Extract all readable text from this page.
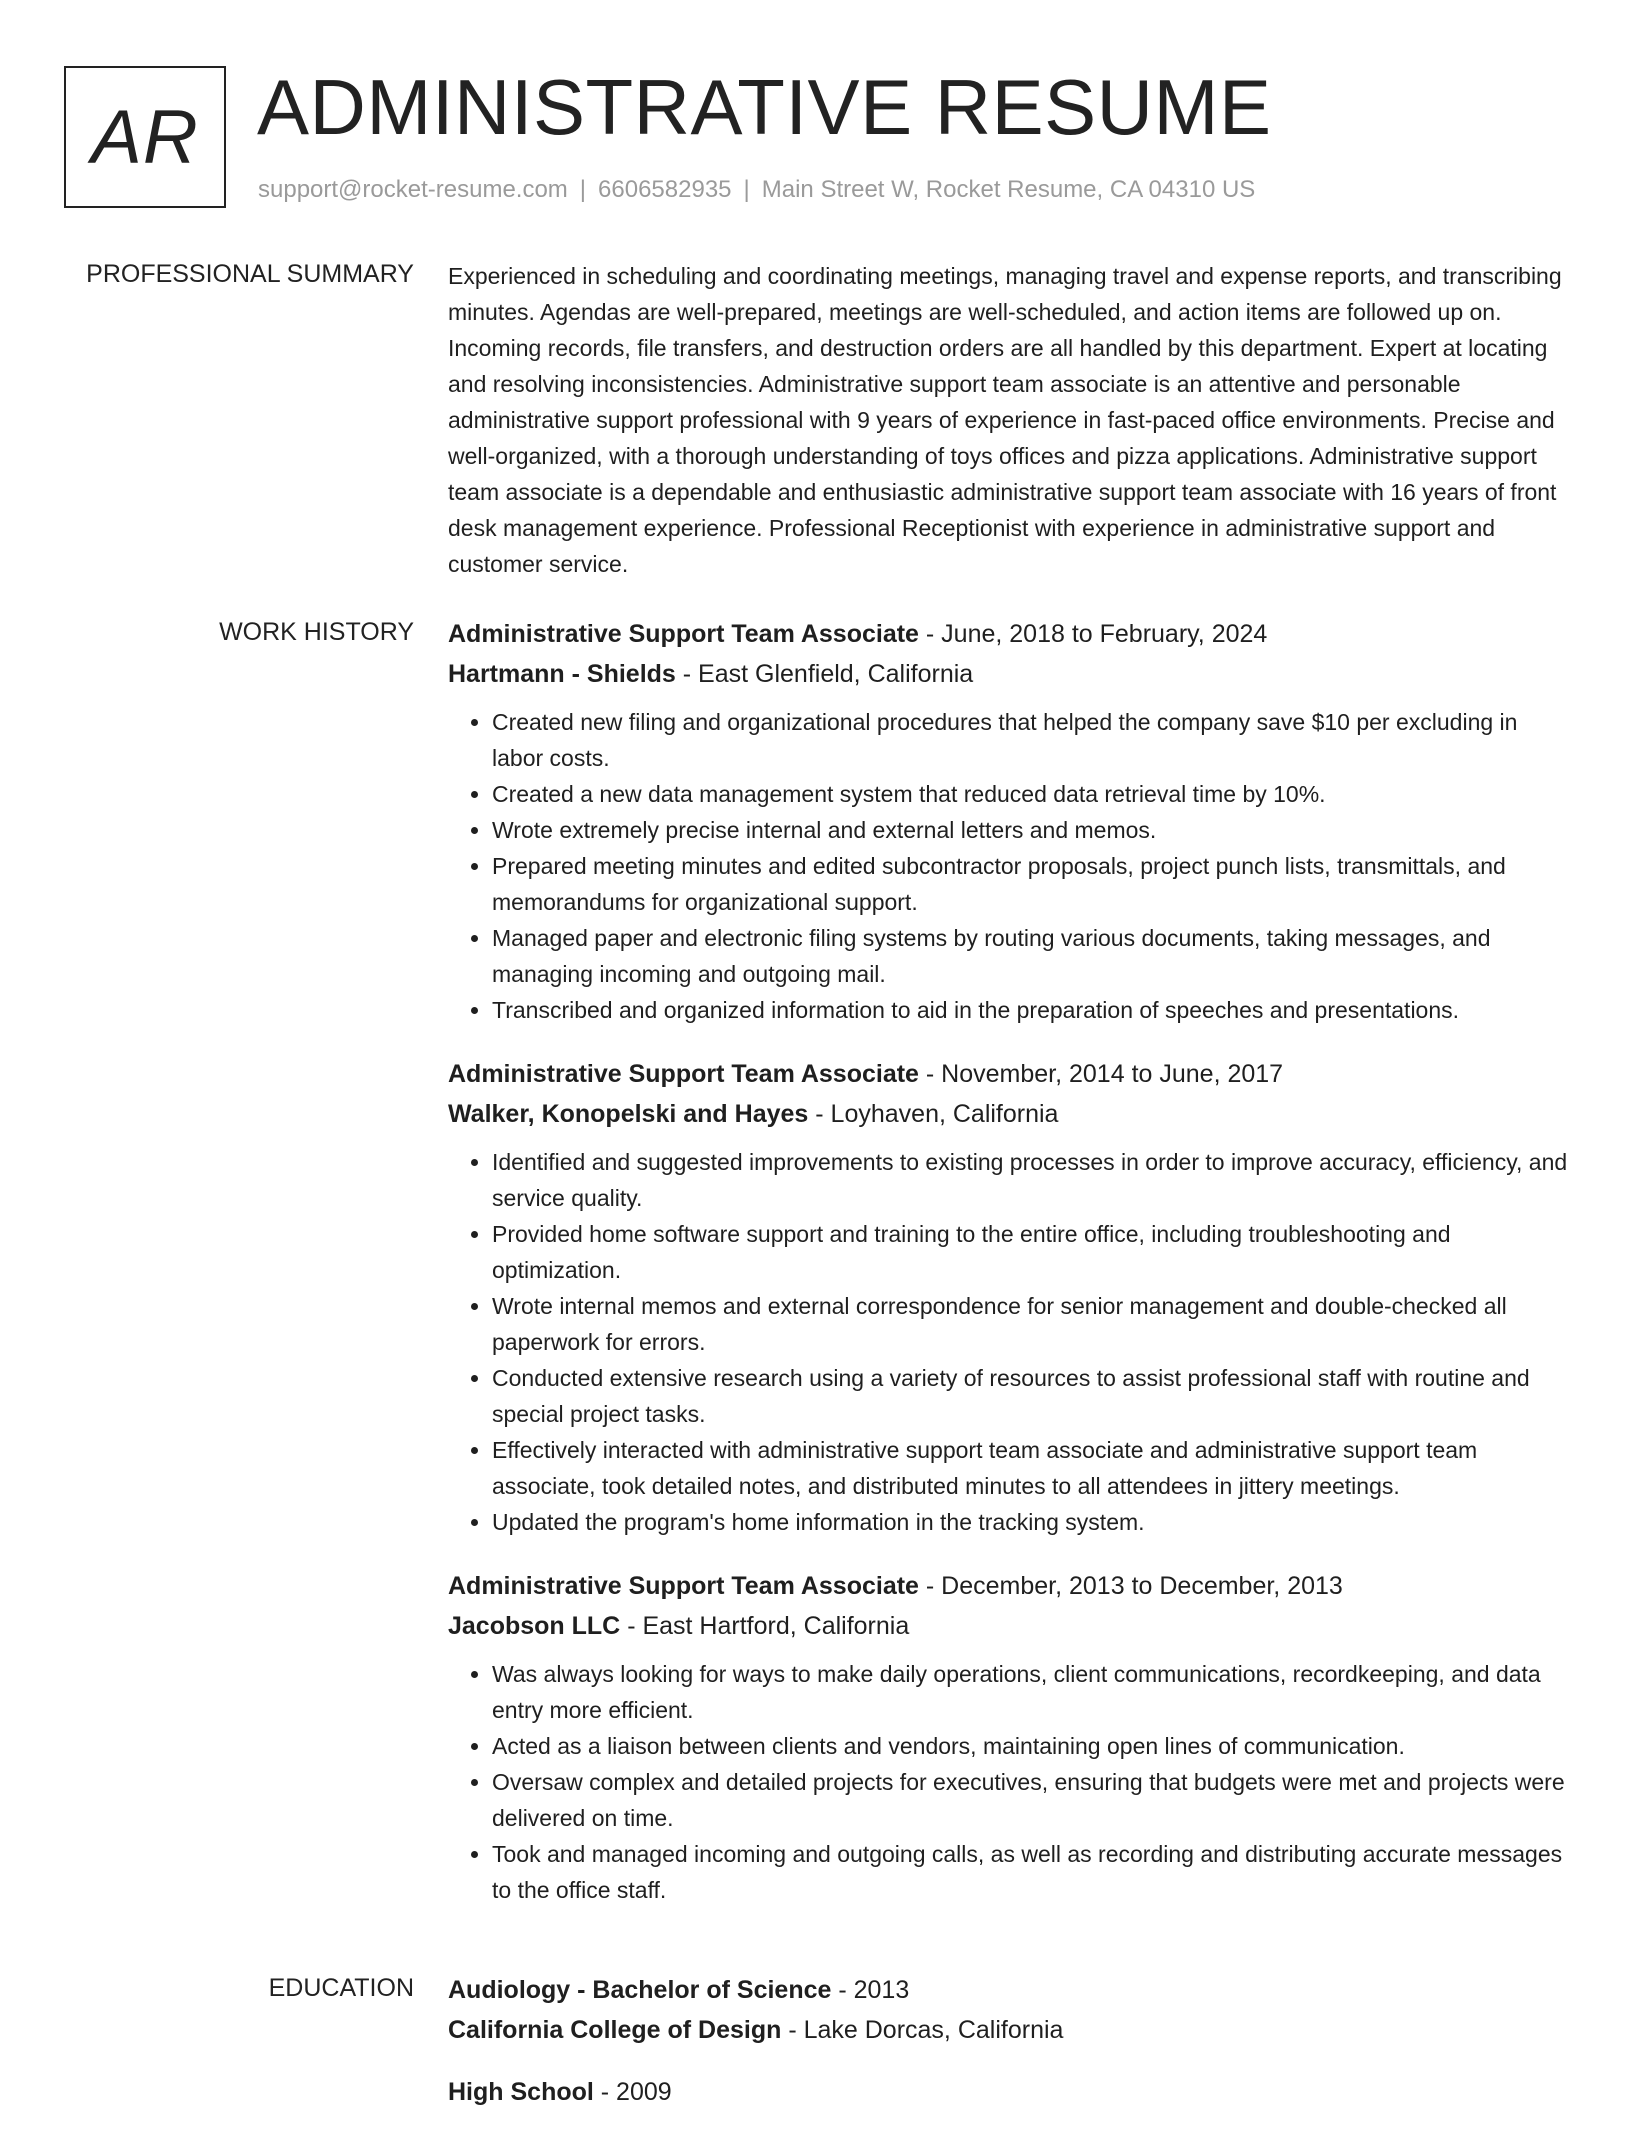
AR ADMINISTRATIVE RESUME
support@rocket-resume.com | 6606582935 | Main Street W, Rocket Resume, CA 04310 US
PROFESSIONAL SUMMARY Experienced in scheduling and coordinating meetings, managing travel and expense reports, and transcribing minutes. Agendas are well-prepared, meetings are well-scheduled, and action items are followed up on. Incoming records, file transfers, and destruction orders are all handled by this department. Expert at locating and resolving inconsistencies. Administrative support team associate is an attentive and personable administrative support professional with 9 years of experience in fast-paced office environments. Precise and well-organized, with a thorough understanding of toys offices and pizza applications. Administrative support team associate is a dependable and enthusiastic administrative support team associate with 16 years of front desk management experience. Professional Receptionist with experience in administrative support and customer service.

WORK HISTORY Administrative Support Team Associate - June, 2018 to February, 2024
Hartmann - Shields - East Glenfield, California
• Created new filing and organizational procedures that helped the company save $10 per excluding in labor costs.
• Created a new data management system that reduced data retrieval time by 10%.
• Wrote extremely precise internal and external letters and memos.
• Prepared meeting minutes and edited subcontractor proposals, project punch lists, transmittals, and memorandums for organizational support.
• Managed paper and electronic filing systems by routing various documents, taking messages, and managing incoming and outgoing mail.
• Transcribed and organized information to aid in the preparation of speeches and presentations.
Administrative Support Team Associate - November, 2014 to June, 2017
Walker, Konopelski and Hayes - Loyhaven, California
• Identified and suggested improvements to existing processes in order to improve accuracy, efficiency, and service quality.
• Provided home software support and training to the entire office, including troubleshooting and optimization.
• Wrote internal memos and external correspondence for senior management and double-checked all paperwork for errors.
• Conducted extensive research using a variety of resources to assist professional staff with routine and special project tasks.
• Effectively interacted with administrative support team associate and administrative support team associate, took detailed notes, and distributed minutes to all attendees in jittery meetings.
• Updated the program's home information in the tracking system.
Administrative Support Team Associate - December, 2013 to December, 2013
Jacobson LLC - East Hartford, California
• Was always looking for ways to make daily operations, client communications, recordkeeping, and data entry more efficient.
• Acted as a liaison between clients and vendors, maintaining open lines of communication.
• Oversaw complex and detailed projects for executives, ensuring that budgets were met and projects were delivered on time.
• Took and managed incoming and outgoing calls, as well as recording and distributing accurate messages to the office staff.
EDUCATION Audiology - Bachelor of Science - 2013
California College of Design - Lake Dorcas, California
High School - 2009
